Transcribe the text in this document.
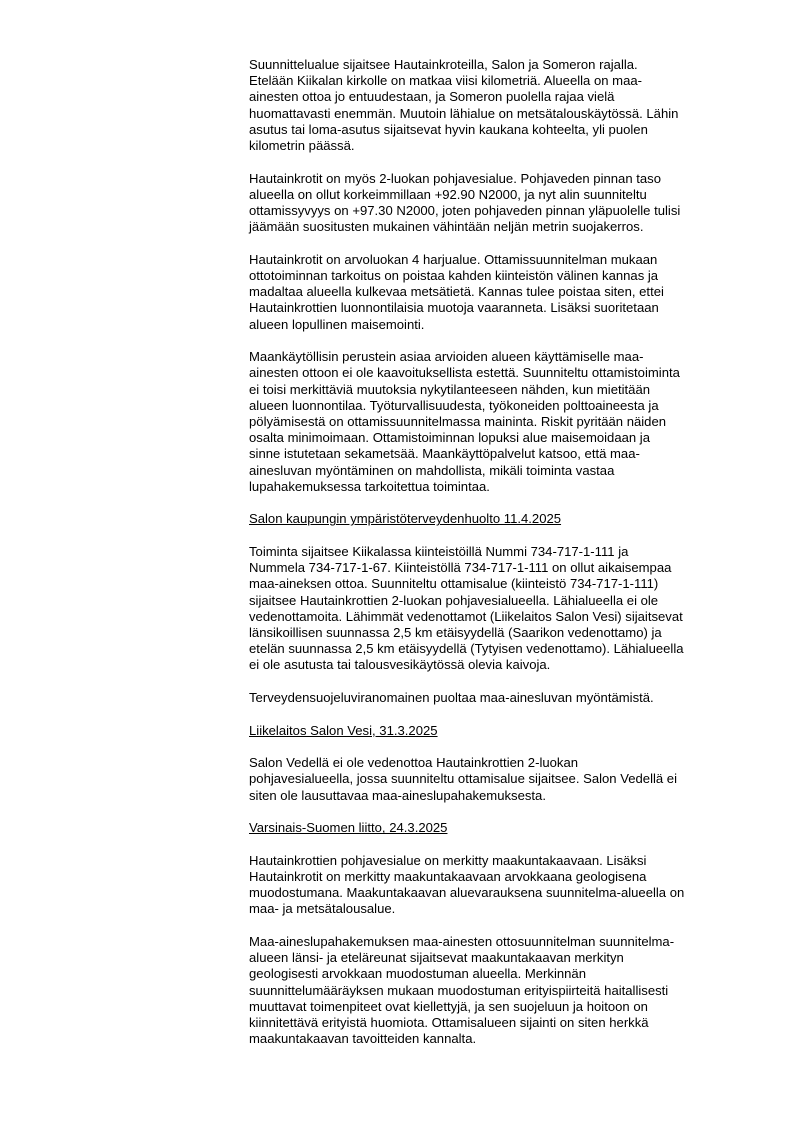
Suunnittelualue sijaitsee Hautainkroteilla, Salon ja Someron rajalla.
Etelään Kiikalan kirkolle on matkaa viisi kilometriä. Alueella on maa-
ainesten ottoa jo entuudestaan, ja Someron puolella rajaa vielä
huomattavasti enemmän. Muutoin lähialue on metsätalouskäytössä. Lähin
asutus tai loma-asutus sijaitsevat hyvin kaukana kohteelta, yli puolen
kilometrin päässä.

Hautainkrotit on myös 2-luokan pohjavesialue. Pohjaveden pinnan taso
alueella on ollut korkeimmillaan +92.90 N2000, ja nyt alin suunniteltu
ottamissyvyys on +97.30 N2000, joten pohjaveden pinnan yläpuolelle tulisi
jäämään suositusten mukainen vähintään neljän metrin suojakerros.

Hautainkrotit on arvoluokan 4 harjualue. Ottamissuunnitelman mukaan
ottotoiminnan tarkoitus on poistaa kahden kiinteistön välinen kannas ja
madaltaa alueella kulkevaa metsätietä. Kannas tulee poistaa siten, ettei
Hautainkrottien luonnontilaisia muotoja vaaranneta. Lisäksi suoritetaan
alueen lopullinen maisemointi.

Maankäytöllisin perustein asiaa arvioiden alueen käyttämiselle maa-
ainesten ottoon ei ole kaavoituksellista estettä. Suunniteltu ottamistoiminta
ei toisi merkittäviä muutoksia nykytilanteeseen nähden, kun mietitään
alueen luonnontilaa. Työturvallisuudesta, työkoneiden polttoaineesta ja
pölyämisestä on ottamissuunnitelmassa maininta. Riskit pyritään näiden
osalta minimoimaan. Ottamistoiminnan lopuksi alue maisemoidaan ja
sinne istutetaan sekametsää. Maankäyttöpalvelut katsoo, että maa-
ainesluvan myöntäminen on mahdollista, mikäli toiminta vastaa
lupahakemuksessa tarkoitettua toimintaa.

Salon kaupungin ympäristöterveydenhuolto 11.4.2025

Toiminta sijaitsee Kiikalassa kiinteistöillä Nummi 734-717-1-111 ja
Nummela 734-717-1-67. Kiinteistöllä 734-717-1-111 on ollut aikaisempaa
maa-aineksen ottoa. Suunniteltu ottamisalue (kiinteistö 734-717-1-111)
sijaitsee Hautainkrottien 2-luokan pohjavesialueella. Lähialueella ei ole
vedenottamoita. Lähimmät vedenottamot (Liikelaitos Salon Vesi) sijaitsevat
länsikoillisen suunnassa 2,5 km etäisyydellä (Saarikon vedenottamo) ja
etelän suunnassa 2,5 km etäisyydellä (Tytyisen vedenottamo). Lähialueella
ei ole asutusta tai talousvesikäytössä olevia kaivoja.

Terveydensuojeluviranomainen puoltaa maa-ainesluvan myöntämistä.

Liikelaitos Salon Vesi, 31.3.2025

Salon Vedellä ei ole vedenottoa Hautainkrottien 2-luokan
pohjavesialueella, jossa suunniteltu ottamisalue sijaitsee. Salon Vedellä ei
siten ole lausuttavaa maa-aineslupahakemuksesta.

Varsinais-Suomen liitto, 24.3.2025

Hautainkrottien pohjavesialue on merkitty maakuntakaavaan. Lisäksi
Hautainkrotit on merkitty maakuntakaavaan arvokkaana geologisena
muodostumana. Maakuntakaavan aluevarauksena suunnitelma-alueella on
maa- ja metsätalousalue.

Maa-aineslupahakemuksen maa-ainesten ottosuunnitelman suunnitelma-
alueen länsi- ja eteläreunat sijaitsevat maakuntakaavan merkityn
geologisesti arvokkaan muodostuman alueella. Merkinnän
suunnittelumääräyksen mukaan muodostuman erityispiirteitä haitallisesti
muuttavat toimenpiteet ovat kiellettyjä, ja sen suojeluun ja hoitoon on
kiinnitettävä erityistä huomiota. Ottamisalueen sijainti on siten herkkä
maakuntakaavan tavoitteiden kannalta.
